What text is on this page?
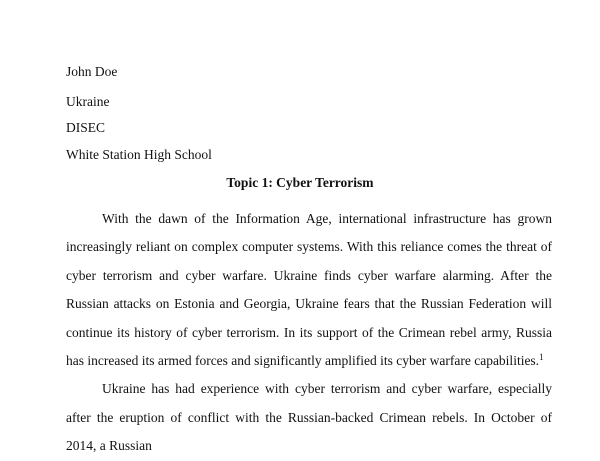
John Doe
Ukraine
DISEC
White Station High School
Topic 1: Cyber Terrorism

With the dawn of the Information Age, international infrastructure has grown increasingly reliant on complex computer systems. With this reliance comes the threat of cyber terrorism and cyber warfare. Ukraine finds cyber warfare alarming. After the Russian attacks on Estonia and Georgia, Ukraine fears that the Russian Federation will continue its history of cyber terrorism. In its support of the Crimean rebel army, Russia has increased its armed forces and significantly amplified its cyber warfare capabilities.$^1$

Ukraine has had experience with cyber terrorism and cyber warfare, especially after the eruption of conflict with the Russian-backed Crimean rebels. In October of 2014, a Russian
